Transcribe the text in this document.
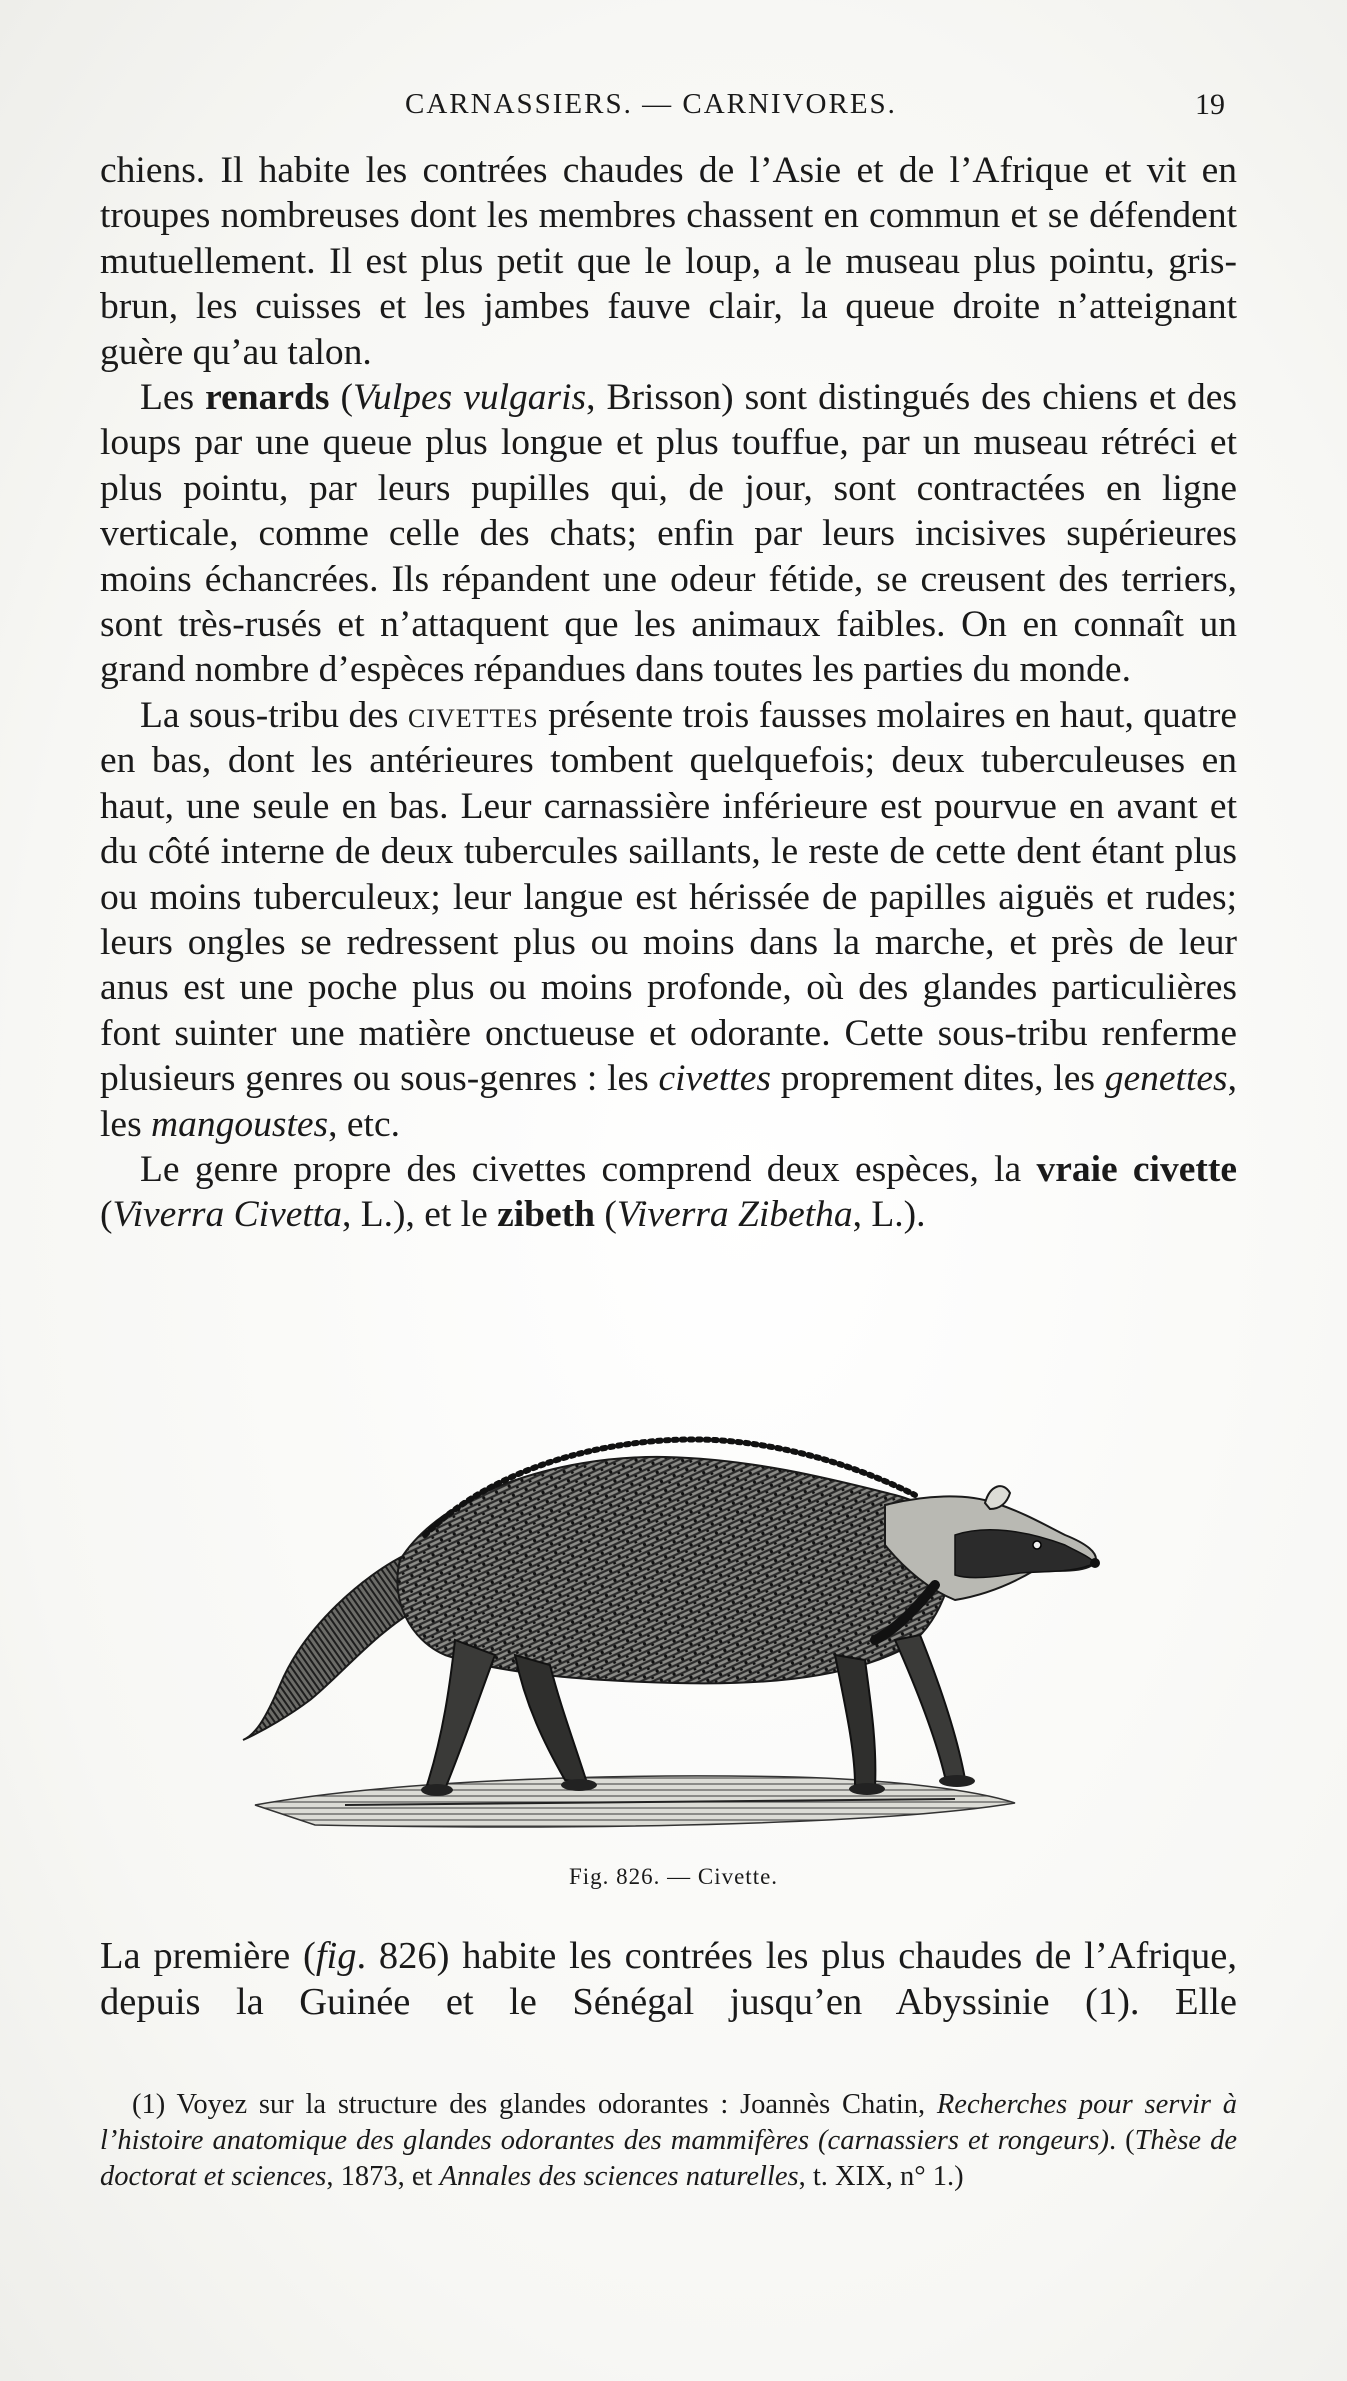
CARNASSIERS. — CARNIVORES.	19

chiens. Il habite les contrées chaudes de l’Asie et de l’Afrique et vit en troupes nombreuses dont les membres chassent en commun et se défendent mutuellement. Il est plus petit que le loup, a le museau plus pointu, gris-brun, les cuisses et les jambes fauve clair, la queue droite n’atteignant guère qu’au talon.

Les renards (Vulpes vulgaris, Brisson) sont distingués des chiens et des loups par une queue plus longue et plus touffue, par un museau rétréci et plus pointu, par leurs pupilles qui, de jour, sont contractées en ligne verticale, comme celle des chats; enfin par leurs incisives supérieures moins échancrées. Ils répandent une odeur fétide, se creusent des terriers, sont très-rusés et n’attaquent que les animaux faibles. On en connaît un grand nombre d’espèces répandues dans toutes les parties du monde.

La sous-tribu des civettes présente trois fausses molaires en haut, quatre en bas, dont les antérieures tombent quelquefois; deux tuberculeuses en haut, une seule en bas. Leur carnassière inférieure est pourvue en avant et du côté interne de deux tubercules saillants, le reste de cette dent étant plus ou moins tuberculeux; leur langue est hérissée de papilles aiguës et rudes; leurs ongles se redressent plus ou moins dans la marche, et près de leur anus est une poche plus ou moins profonde, où des glandes particulières font suinter une matière onctueuse et odorante. Cette sous-tribu renferme plusieurs genres ou sous-genres : les civettes proprement dites, les genettes, les mangoustes, etc.

Le genre propre des civettes comprend deux espèces, la vraie civette (Viverra Civetta, L.), et le zibeth (Viverra Zibetha, L.).

Fig. 826. — Civette.

La première (fig. 826) habite les contrées les plus chaudes de l’Afrique, depuis la Guinée et le Sénégal jusqu’en Abyssinie (1). Elle

(1) Voyez sur la structure des glandes odorantes : Joannès Chatin, Recherches pour servir à l’histoire anatomique des glandes odorantes des mammifères (carnassiers et rongeurs). (Thèse de doctorat et sciences, 1873, et Annales des sciences naturelles, t. XIX, n° 1.)
